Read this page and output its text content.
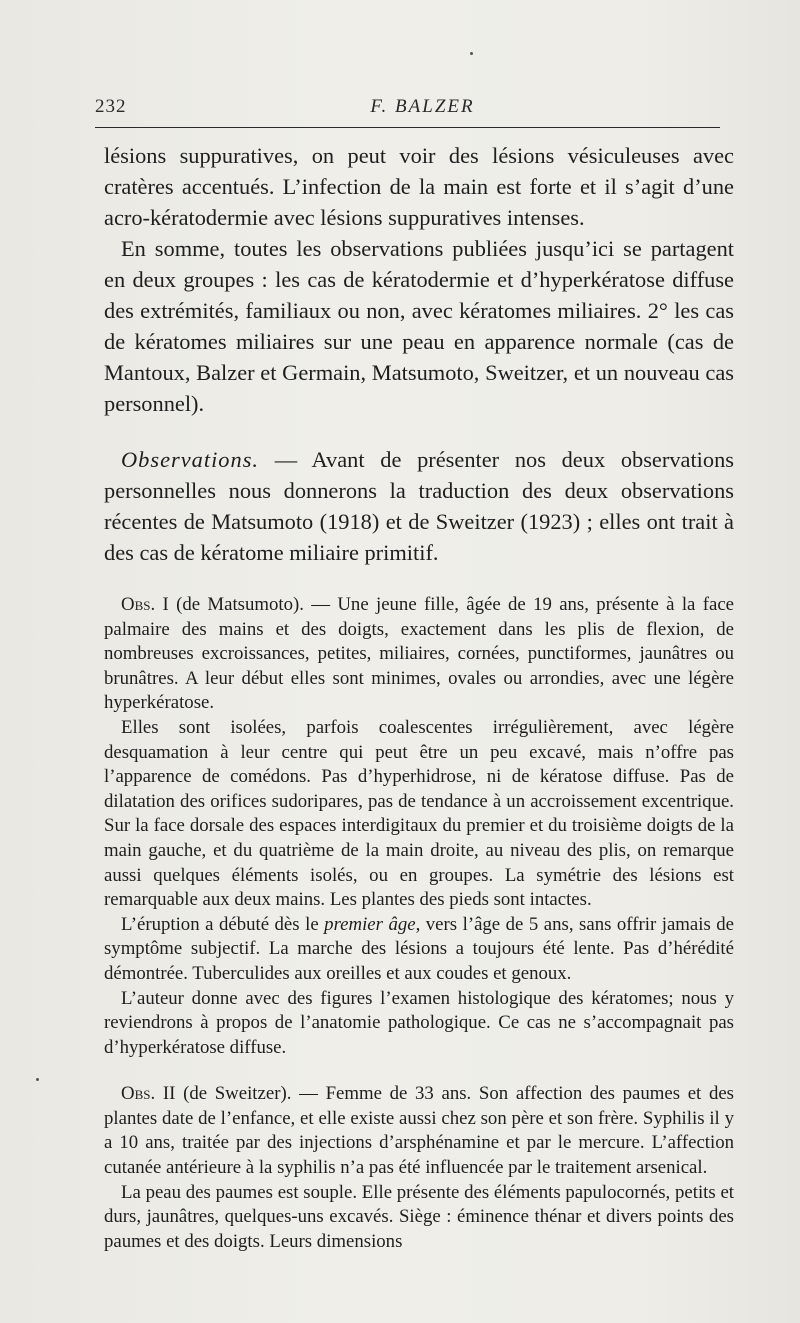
232	F. BALZER

lésions suppuratives, on peut voir des lésions vésiculeuses avec cratères accentués. L’infection de la main est forte et il s’agit d’une acro-kératodermie avec lésions suppuratives intenses.

En somme, toutes les observations publiées jusqu’ici se partagent en deux groupes : les cas de kératodermie et d’hyperkératose diffuse des extrémités, familiaux ou non, avec kératomes miliaires. 2° les cas de kératomes miliaires sur une peau en apparence normale (cas de Mantoux, Balzer et Germain, Matsumoto, Sweitzer, et un nouveau cas personnel).

Observations. — Avant de présenter nos deux observations personnelles nous donnerons la traduction des deux observations récentes de Matsumoto (1918) et de Sweitzer (1923) ; elles ont trait à des cas de kératome miliaire primitif.

Obs. I (de Matsumoto). — Une jeune fille, âgée de 19 ans, présente à la face palmaire des mains et des doigts, exactement dans les plis de flexion, de nombreuses excroissances, petites, miliaires, cornées, punctiformes, jaunâtres ou brunâtres. A leur début elles sont minimes, ovales ou arrondies, avec une légère hyperkératose.

Elles sont isolées, parfois coalescentes irrégulièrement, avec légère desquamation à leur centre qui peut être un peu excavé, mais n’offre pas l’apparence de comédons. Pas d’hyperhidrose, ni de kératose diffuse. Pas de dilatation des orifices sudoripares, pas de tendance à un accroissement excentrique. Sur la face dorsale des espaces interdigitaux du premier et du troisième doigts de la main gauche, et du quatrième de la main droite, au niveau des plis, on remarque aussi quelques éléments isolés, ou en groupes. La symétrie des lésions est remarquable aux deux mains. Les plantes des pieds sont intactes.

L’éruption a débuté dès le premier âge, vers l’âge de 5 ans, sans offrir jamais de symptôme subjectif. La marche des lésions a toujours été lente. Pas d’hérédité démontrée. Tuberculides aux oreilles et aux coudes et genoux.

L’auteur donne avec des figures l’examen histologique des kératomes; nous y reviendrons à propos de l’anatomie pathologique. Ce cas ne s’accompagnait pas d’hyperkératose diffuse.

Obs. II (de Sweitzer). — Femme de 33 ans. Son affection des paumes et des plantes date de l’enfance, et elle existe aussi chez son père et son frère. Syphilis il y a 10 ans, traitée par des injections d’arsphénamine et par le mercure. L’affection cutanée antérieure à la syphilis n’a pas été influencée par le traitement arsenical.

La peau des paumes est souple. Elle présente des éléments papulocornés, petits et durs, jaunâtres, quelques-uns excavés. Siège : éminence thénar et divers points des paumes et des doigts. Leurs dimensions
